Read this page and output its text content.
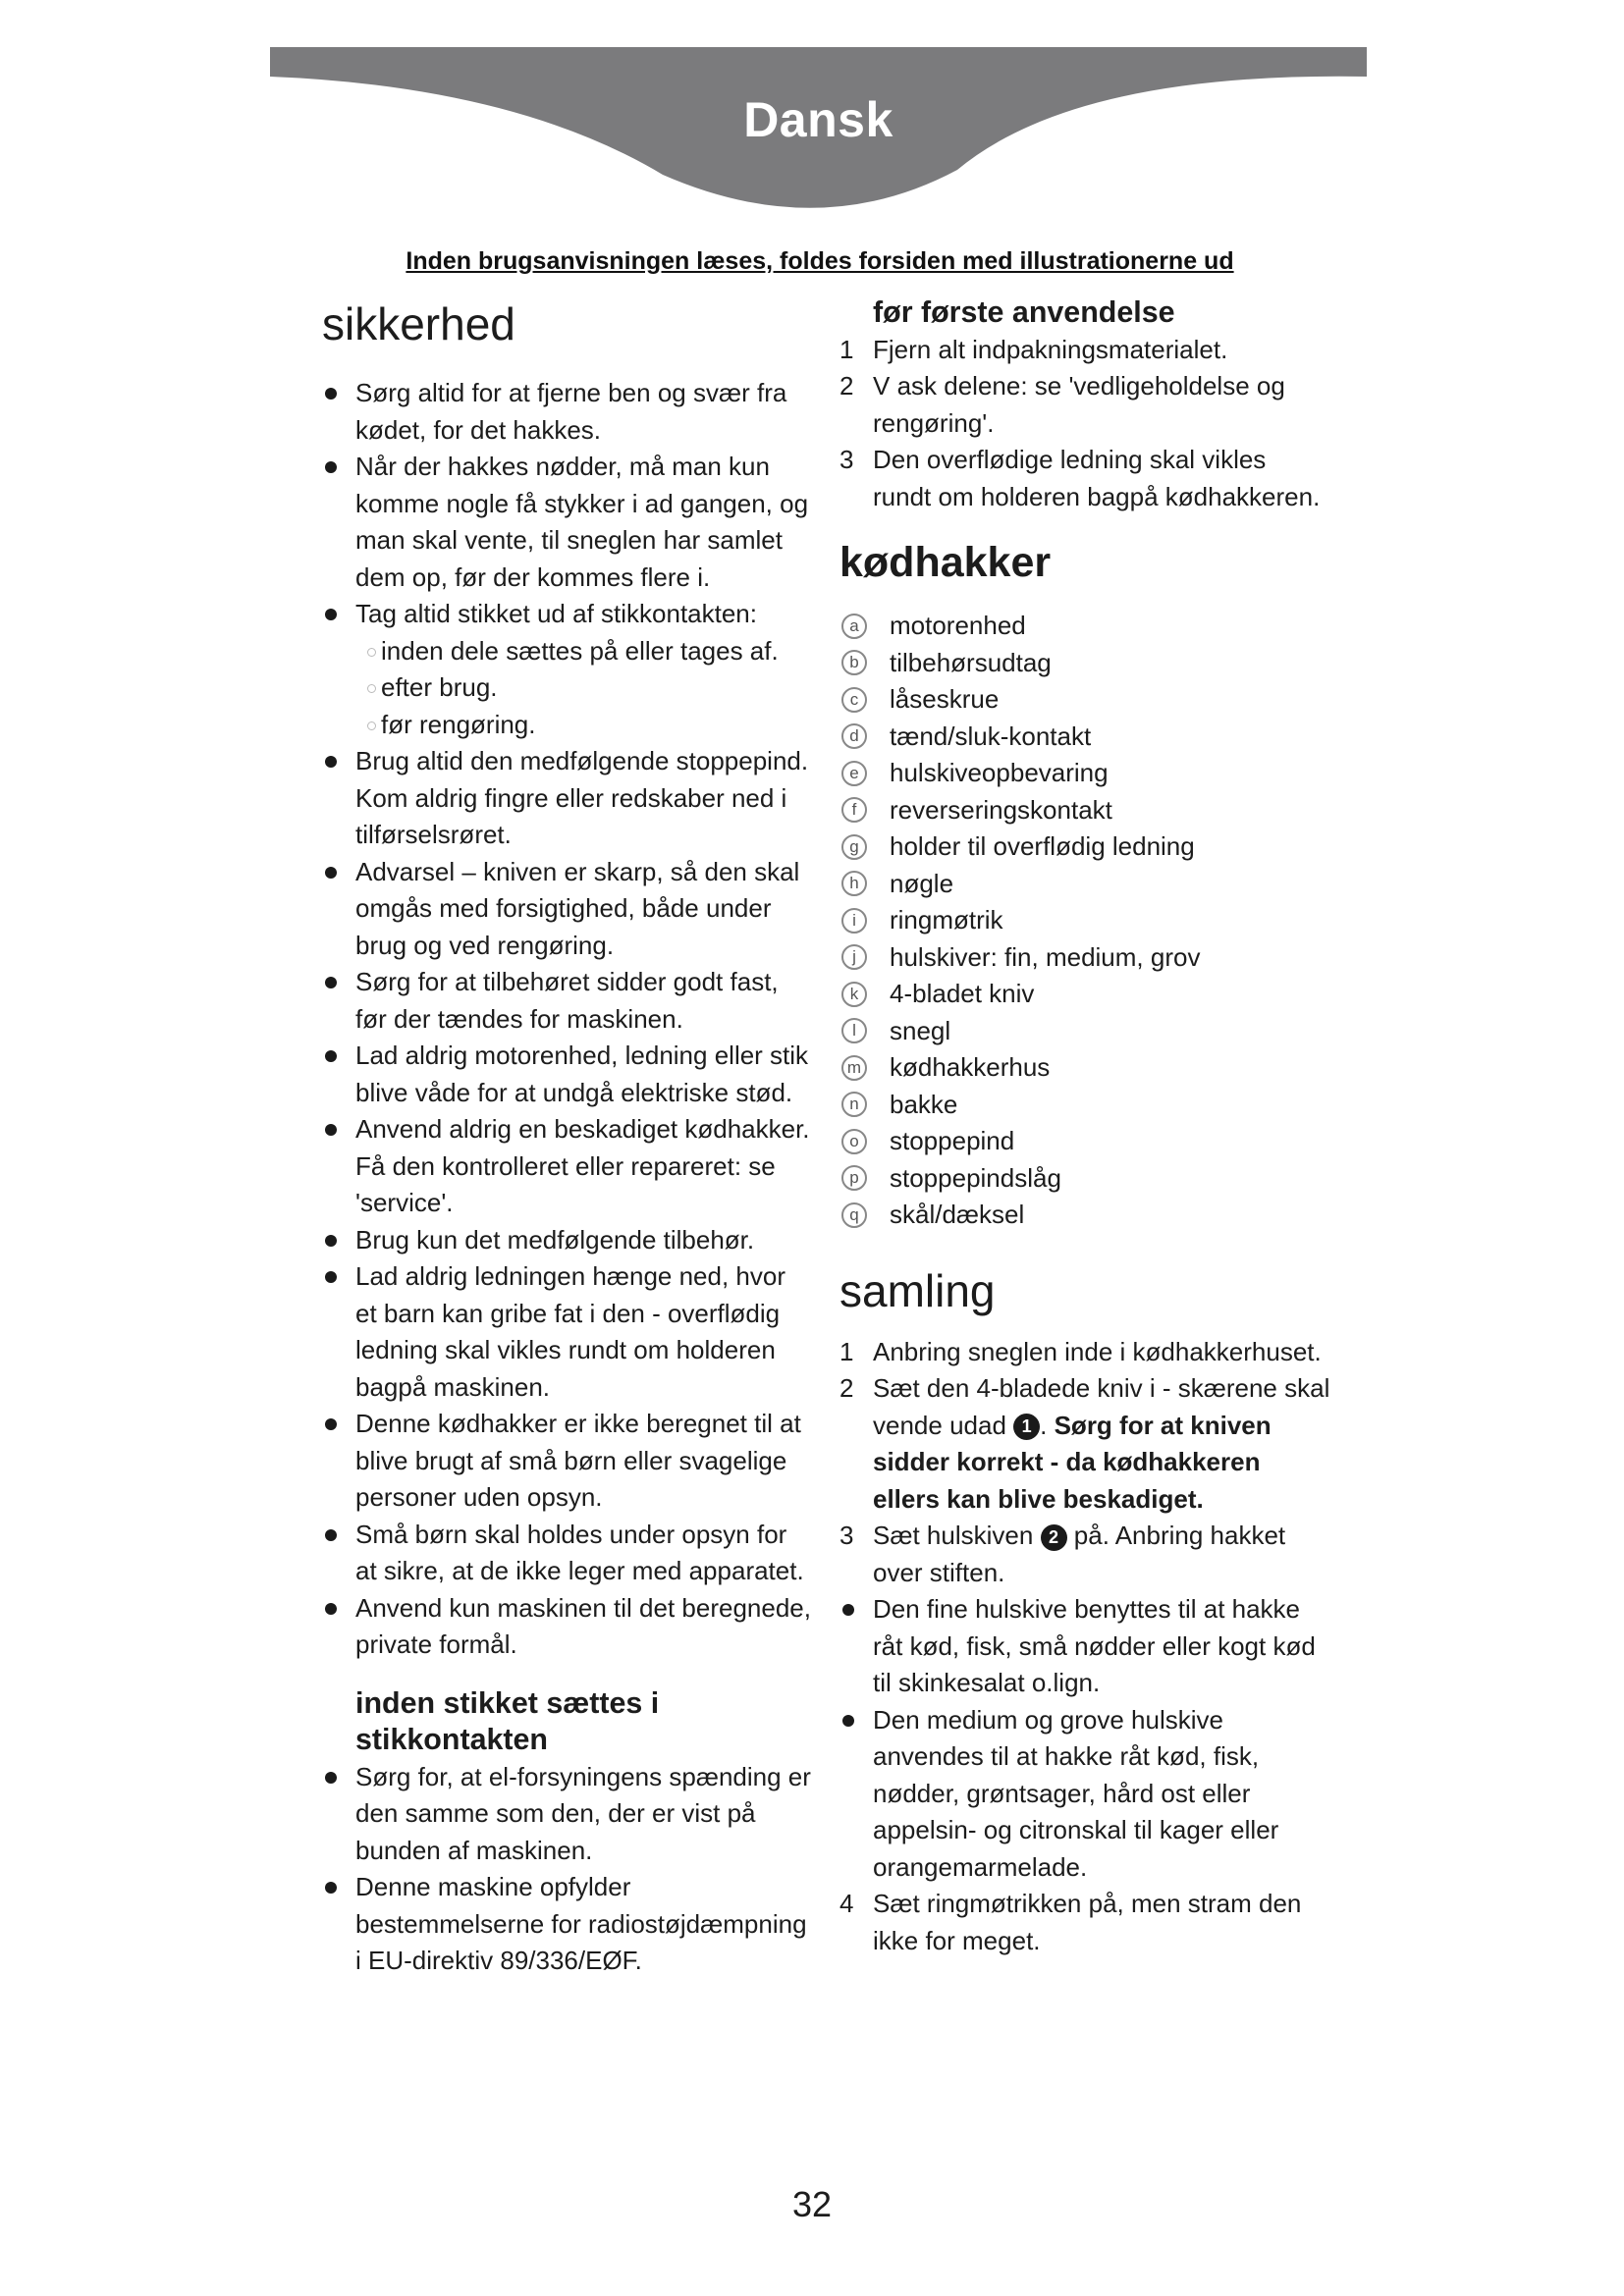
Dansk
Inden brugsanvisningen læses, foldes forsiden med illustrationerne ud
sikkerhed
Sørg altid for at fjerne ben og svær fra kødet, for det hakkes.
Når der hakkes nødder, må man kun komme nogle få stykker i ad gangen, og man skal vente, til sneglen har samlet dem op, før der kommes flere i.
Tag altid stikket ud af stikkontakten:
inden dele sættes på eller tages af.
efter brug.
før rengøring.
Brug altid den medfølgende stoppepind. Kom aldrig fingre eller redskaber ned i tilførselsrøret.
Advarsel – kniven er skarp, så den skal omgås med forsigtighed, både under brug og ved rengøring.
Sørg for at tilbehøret sidder godt fast, før der tændes for maskinen.
Lad aldrig motorenhed, ledning eller stik blive våde for at undgå elektriske stød.
Anvend aldrig en beskadiget kødhakker. Få den kontrolleret eller repareret: se 'service'.
Brug kun det medfølgende tilbehør.
Lad aldrig ledningen hænge ned, hvor et barn kan gribe fat i den - overflødig ledning skal vikles rundt om holderen bagpå maskinen.
Denne kødhakker er ikke beregnet til at blive brugt af små børn eller svagelige personer uden opsyn.
Små børn skal holdes under opsyn for at sikre, at de ikke leger med apparatet.
Anvend kun maskinen til det beregnede, private formål.
inden stikket sættes i stikkontakten
Sørg for, at el-forsyningens spænding er den samme som den, der er vist på bunden af maskinen.
Denne maskine opfylder bestemmelserne for radiostøjdæmpning i EU-direktiv 89/336/EØF.
før første anvendelse
1 Fjern alt indpakningsmaterialet.
2 V ask delene: se 'vedligeholdelse og rengøring'.
3 Den overflødige ledning skal vikles rundt om holderen bagpå kødhakkeren.
kødhakker
a	motorenhed
b	tilbehørsudtag
c	låseskrue
d	tænd/sluk-kontakt
e	hulskiveopbevaring
f	reverseringskontakt
g	holder til overflødig ledning
h	nøgle
i	ringmøtrik
j	hulskiver: fin, medium, grov
k	4-bladet kniv
l	snegl
m kødhakkerhus
n	bakke
o	stoppepind
p	stoppepindslåg
q	skål/dæksel
samling
1 Anbring sneglen inde i kødhakkerhuset.
2 Sæt den 4-bladede kniv i - skærene skal vende udad 1 . Sørg for at kniven sidder korrekt - da kødhakkeren ellers kan blive beskadiget.
3 Sæt hulskiven 2 på. Anbring hakket over stiften.
Den fine hulskive benyttes til at hakke råt kød, fisk, små nødder eller kogt kød til skinkesalat o.lign.
Den medium og grove hulskive anvendes til at hakke råt kød, fisk, nødder, grøntsager, hård ost eller appelsin- og citronskal til kager eller orangemarmelade.
4 Sæt ringmøtrikken på, men stram den ikke for meget.
32
